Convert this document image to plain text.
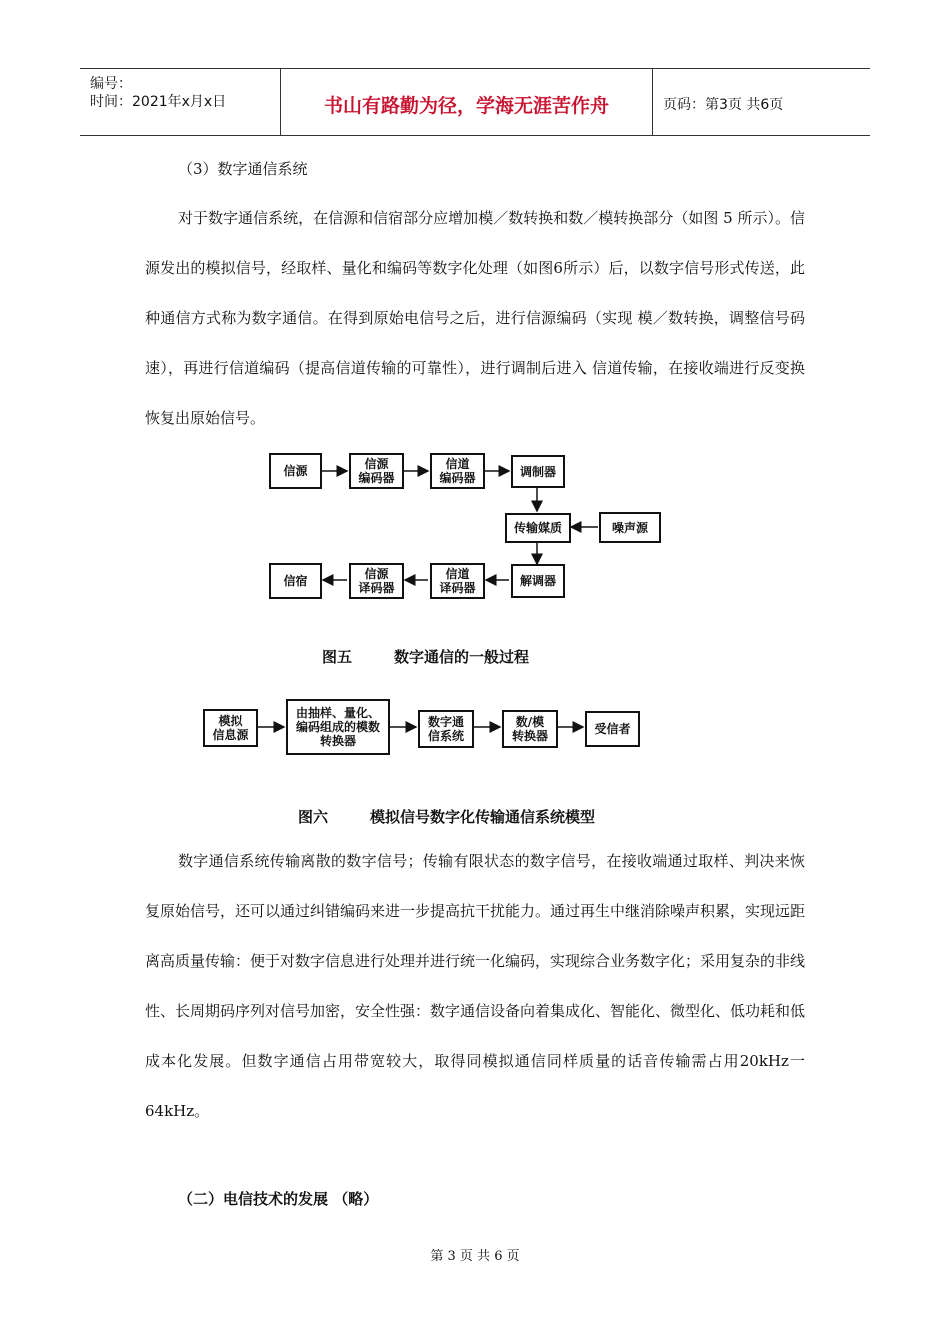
编号：
时间：2021年x月x日	书山有路勤为径，学海无涯苦作舟	页码：第3页 共6页
（3）数字通信系统

对于数字通信系统，在信源和信宿部分应增加模／数转换和数／模转换部分（如图 5 所示）。信源发出的模拟信号，经取样、量化和编码等数字化处理（如图6所示）后，以数字信号形式传送，此种通信方式称为数字通信。在得到原始电信号之后，进行信源编码（实现 模／数转换，调整信号码速），再进行信道编码（提高信道传输的可靠性），进行调制后进入 信道传输，在接收端进行反变换恢复出原始信号。

信源	信源
编码器
信道
编码器	调制器
传输媒质	噪声源
解调器
信道
译码器
信源
译码器
信宿
图五	数字通信的一般过程
模拟
信息源
由抽样、量化、
编码组成的模数
转换器
数字通
信系统
数/模
转换器	受信者
图六	模拟信号数字化传输通信系统模型

数字通信系统传输离散的数字信号；传输有限状态的数字信号，在接收端通过取样、判决来恢复原始信号，还可以通过纠错编码来进一步提高抗干扰能力。通过再生中继消除噪声积累，实现远距离高质量传输：便于对数字信息进行处理并进行统一化编码，实现综合业务数字化；采用复杂的非线性、长周期码序列对信号加密，安全性强：数字通信设备向着集成化、智能化、微型化、低功耗和低成本化发展。但数字通信占用带宽较大，取得同模拟通信同样质量的话音传输需占用20kHz一 64kHz。

（二）电信技术的发展 （略）
第 3 页 共 6 页
